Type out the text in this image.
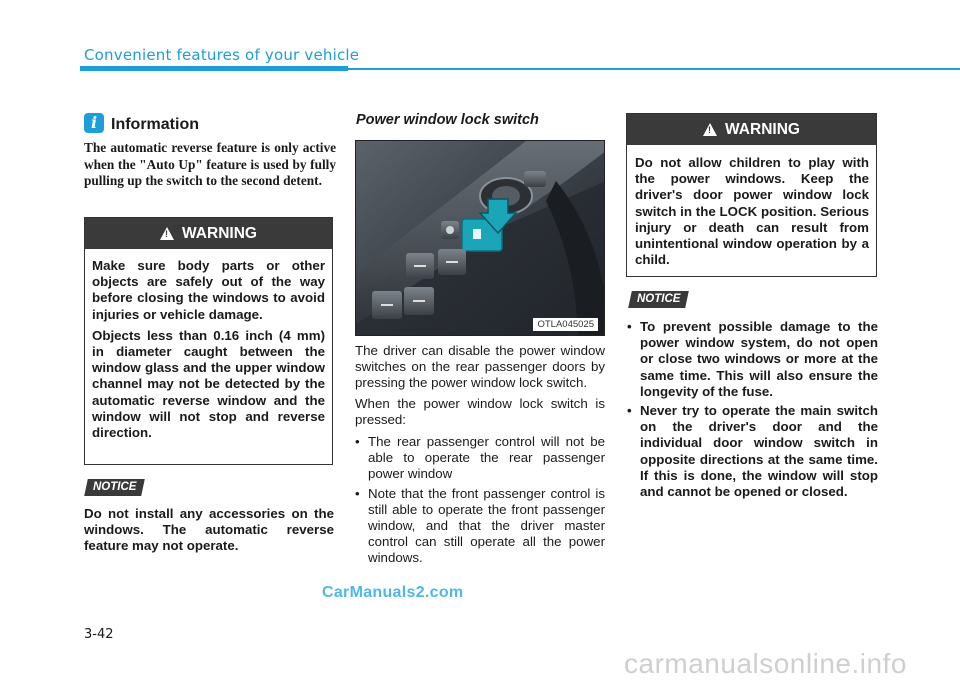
Convenient features of your vehicle
i Information
The automatic reverse feature is only active when the "Auto Up" feature is used by fully pulling up the switch to the second detent.
!
WARNING

Make sure body parts or other objects are safely out of the way before closing the windows to avoid injuries or vehicle damage.

Objects less than 0.16 inch (4 mm) in diameter caught between the window glass and the upper window channel may not be detected by the automatic reverse window and the window will not stop and reverse direction.

NOTICE
Do not install any accessories on the windows. The automatic reverse feature may not operate.
Power window lock switch
OTLA045025

The driver can disable the power window switches on the rear passenger doors by pressing the power window lock switch.

When the power window lock switch is pressed:

• The rear passenger control will not be able to operate the rear passenger power window
• Note that the front passenger control is still able to operate the front passenger window, and that the driver master control can still operate all the power windows.
!
WARNING
Do not allow children to play with the power windows. Keep the driver's door power window lock switch in the LOCK position. Serious injury or death can result from unintentional window operation by a child.
NOTICE
• To prevent possible damage to the power window system, do not open or close two windows or more at the same time. This will also ensure the longevity of the fuse.
• Never try to operate the main switch on the driver's door and the individual door window switch in opposite directions at the same time. If this is done, the window will stop and cannot be opened or closed.
3-42
CarManuals2.com
carmanualsonline.info
